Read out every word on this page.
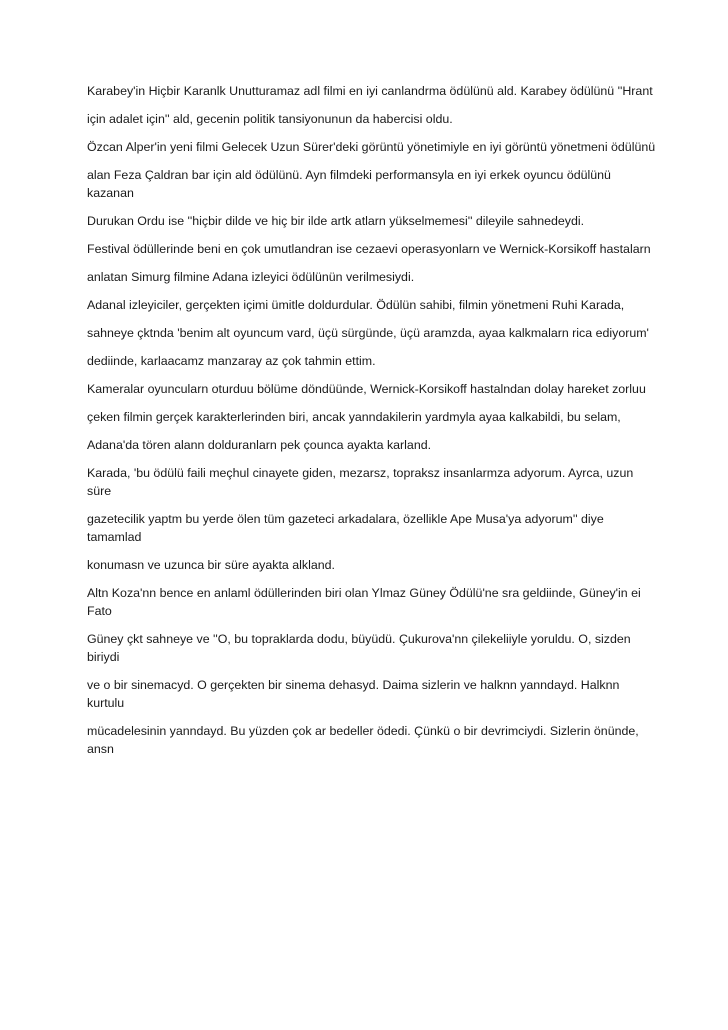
Karabey'in Hiçbir Karanlk Unutturamaz adl filmi en iyi canlandrma ödülünü ald. Karabey ödülünü ''Hrant

için adalet için'' ald, gecenin politik tansiyonunun da habercisi oldu.

Özcan Alper'in yeni filmi Gelecek Uzun Sürer'deki görüntü yönetimiyle en iyi görüntü yönetmeni ödülünü

alan Feza Çaldran bar için ald ödülünü. Ayn filmdeki performansyla en iyi erkek oyuncu ödülünü kazanan

Durukan Ordu ise ''hiçbir dilde ve hiç bir ilde artk atlarn yükselmemesi'' dileyile sahnedeydi.

Festival ödüllerinde beni en çok umutlandran ise cezaevi operasyonlarn ve Wernick-Korsikoff hastalarn

anlatan Simurg filmine Adana izleyici ödülünün verilmesiydi.

Adanal izleyiciler, gerçekten içimi ümitle doldurdular. Ödülün sahibi, filmin yönetmeni Ruhi Karada,

sahneye çktnda 'benim alt oyuncum vard, üçü sürgünde, üçü aramzda, ayaa kalkmalarn rica ediyorum'

dediinde, karlaacamz manzaray az çok tahmin ettim.

Kameralar oyuncularn oturduu bölüme döndüünde, Wernick-Korsikoff hastalndan dolay hareket zorluu

çeken filmin gerçek karakterlerinden biri, ancak yanndakilerin yardmyla ayaa kalkabildi, bu selam,

Adana'da tören alann dolduranlarn pek çounca ayakta karland.

Karada, 'bu ödülü faili meçhul cinayete giden, mezarsz, topraksz insanlarmza adyorum. Ayrca, uzun süre

gazetecilik yaptm bu yerde ölen tüm gazeteci arkadalara, özellikle Ape Musa'ya adyorum'' diye tamamlad

konumasn ve uzunca bir süre ayakta alkland.

Altn Koza'nn bence en anlaml ödüllerinden biri olan Ylmaz Güney Ödülü'ne sra geldiinde, Güney'in ei Fato

Güney çkt sahneye ve ''O, bu topraklarda dodu, büyüdü. Çukurova'nn çilekeliiyle yoruldu. O, sizden biriydi

ve o bir sinemacyd. O gerçekten bir sinema dehasyd. Daima sizlerin ve halknn yanndayd. Halknn kurtulu

mücadelesinin yanndayd. Bu yüzden çok ar bedeller ödedi. Çünkü o bir devrimciydi. Sizlerin önünde, ansn
